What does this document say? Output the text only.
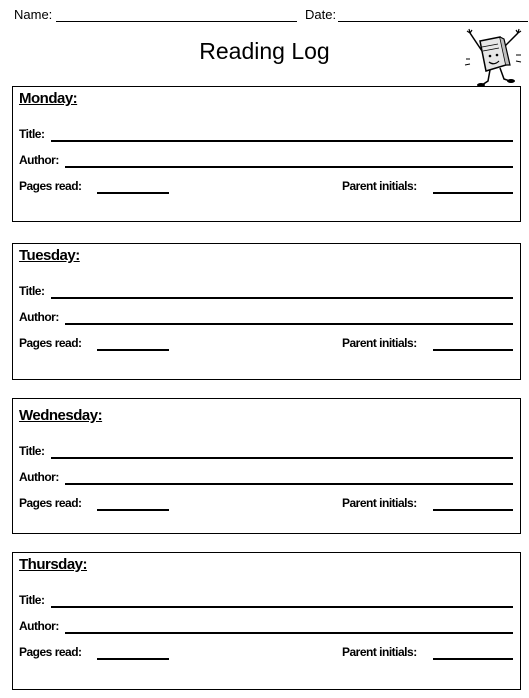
Name:	Date:
Reading Log
Monday:
Title:
Author:
Pages read:	Parent initials:
Tuesday:
Title:
Author:
Pages read:	Parent initials:
Wednesday:
Title:
Author:
Pages read:	Parent initials:
Thursday:
Title:
Author:
Pages read:	Parent initials:
